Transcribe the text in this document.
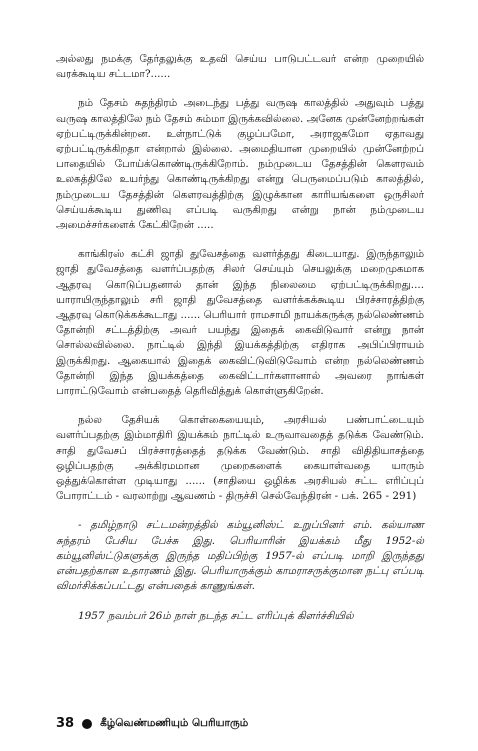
அல்லது நமக்கு தேர்தலுக்கு உதவி செய்ய பாடுபட்டவர் என்ற முறையில் வரக்கூடிய சட்டமா?......

நம் தேசம் சுதந்திரம் அடைந்து பத்து வருஷ காலத்தில் அதுவும் பத்து வருஷ காலத்திலே நம் தேசம் சும்மா இருக்கவில்லை. அனேக முன்னேற்றங்கள் ஏற்பட்டிருக்கின்றன. உள்நாட்டுக் குழப்பமோ, அராஜகமோ ஏதாவது ஏற்பட்டிருக்கிறதா என்றால் இல்லை. அமைதியான முறையில் முன்னேற்றப் பாதையில் போய்க்கொண்டிருக்கிறோம். நம்முடைய தேசத்தின் கௌரவம் உலகத்திலே உயர்ந்து கொண்டிருக்கிறது என்று பெருமைப்படும் காலத்தில், நம்முடைய தேசத்தின் கௌரவத்திற்கு இழுக்கான காரியங்களை ஒருசிலர் செய்யக்கூடிய துணிவு எப்படி வருகிறது என்று நான் நம்முடைய அமைச்சர்களைக் கேட்கிறேன் .....

காங்கிரஸ் கட்சி ஜாதி துவேசத்தை வளர்த்தது கிடையாது. இருந்தாலும் ஜாதி துவேசத்தை வளர்ப்பதற்கு சிலர் செய்யும் செயலுக்கு மறைமுகமாக ஆதரவு கொடுப்பதனால் தான் இந்த நிலைமை ஏற்பட்டிருக்கிறது.... யாராயிருந்தாலும் சரி ஜாதி துவேசத்தை வளர்க்கக்கூடிய பிரச்சாரத்திற்கு ஆதரவு கொடுக்கக்கூடாது ...... பெரியார் ராமசாமி நாயக்கருக்கு நல்லெண்ணம் தோன்றி சட்டத்திற்கு அவர் பயந்து இதைக் கைவிடுவார் என்று நான் சொல்லவில்லை. நாட்டில் இந்தி இயக்கத்திற்கு எதிராக அபிப்பிராயம் இருக்கிறது. ஆகையால் இதைக் கைவிட்டுவிடுவோம் என்ற நல்லெண்ணம் தோன்றி இந்த இயக்கத்தை கைவிட்டார்களானால் அவரை நாங்கள் பாராட்டுவோம் என்பதைத் தெரிவித்துக் கொள்ளுகிறேன்.

நல்ல தேசியக் கொள்கையையும், அரசியல் பண்பாட்டையும் வளர்ப்பதற்கு இம்மாதிரி இயக்கம் நாட்டில் உருவாவதைத் தடுக்க வேண்டும். சாதி துவேசப் பிரச்சாரத்தைத் தடுக்க வேண்டும். சாதி விதிதியாசத்தை ஒழிப்பதற்கு அக்கிரமமான முறைகளைக் கையாள்வதை யாரும் ஒத்துக்கொள்ள முடியாது ...... (சாதியை ஒழிக்க அரசியல் சட்ட எரிப்புப் போராட்டம் - வரலாற்று ஆவணம் - திருச்சி செல்வேந்திரன் - பக். 265 - 291)

- தமிழ்நாடு சட்டமன்றத்தில் கம்யூனிஸ்ட் உறுப்பினர் எம். கல்யாண சுந்தரம் பேசிய பேச்சு இது. பெரியாரின் இயக்கம் மீது 1952-ல் கம்யூனிஸ்ட்டுகளுக்கு இருந்த மதிப்பிற்கு 1957-ல் எப்படி மாறி இருந்தது என்பதற்கான உதாரணம் இது. பெரியாருக்கும் காமராசருக்குமான நட்பு எப்படி விமர்சிக்கப்பட்டது என்பதைக் காணுங்கள்.

1957 நவம்பர் 26ம் நாள் நடந்த சட்ட எரிப்புக் கிளர்ச்சியில்

38 கீழ்வெண்மணியும் பெரியாரும்
